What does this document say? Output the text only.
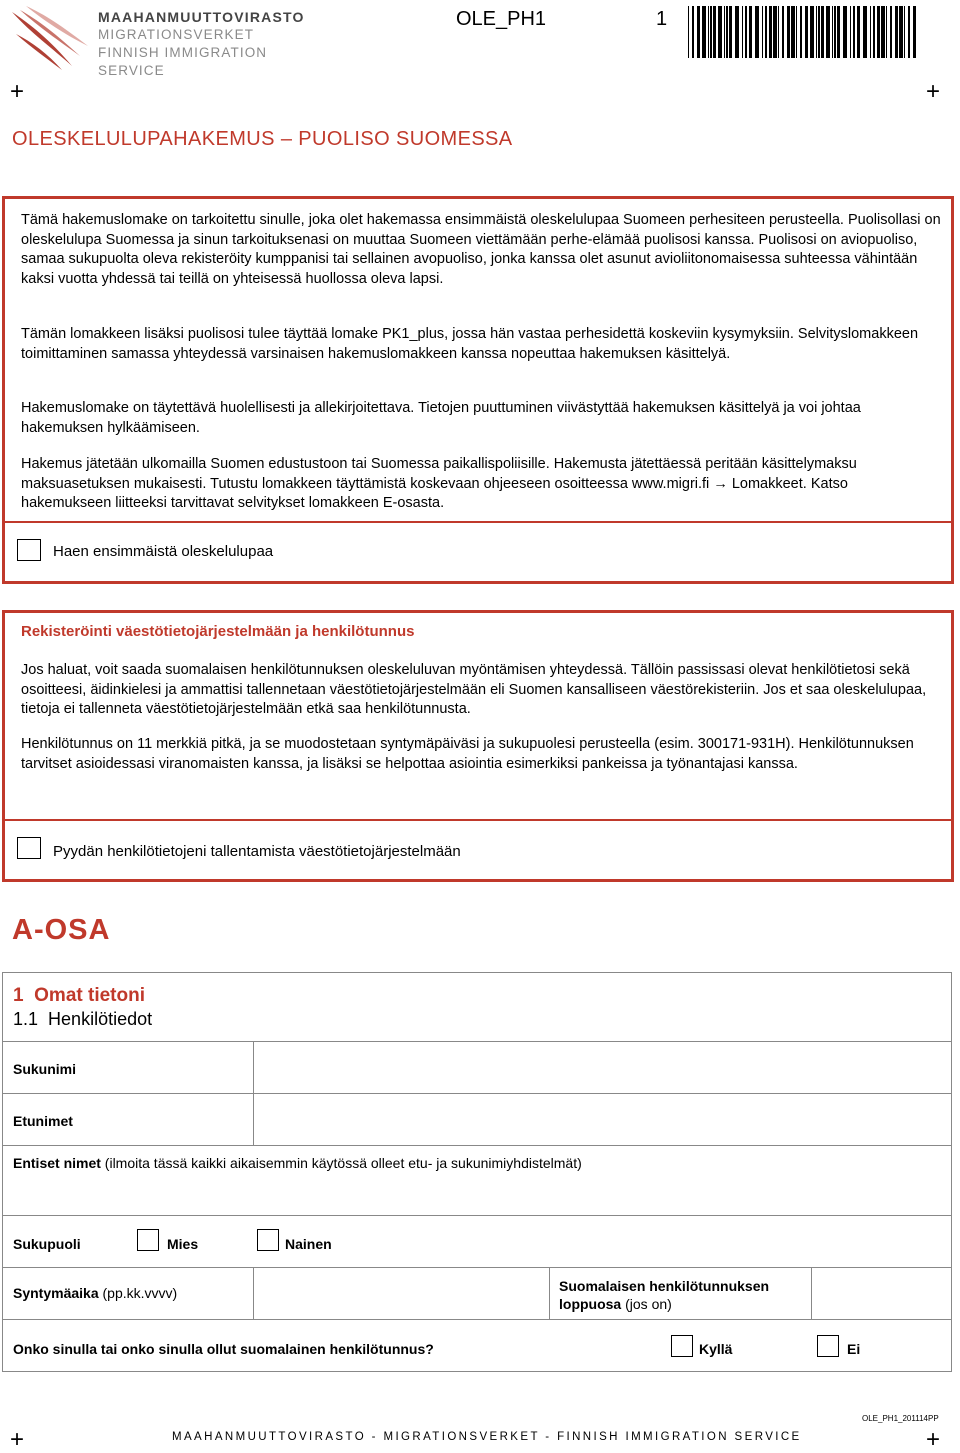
MAAHANMUUTTOVIRASTO
MIGRATIONSVERKET
FINNISH IMMIGRATION SERVICE
OLE_PH1	1
+	+
OLESKELULUPAHAKEMUS – PUOLISO SUOMESSA
Tämä hakemuslomake on tarkoitettu sinulle, joka olet hakemassa ensimmäistä oleskelulupaa Suomeen perhesiteen perusteella. Puolisollasi on oleskelulupa Suomessa ja sinun tarkoituksenasi on muuttaa Suomeen viettämään perhe-elämää puolisosi kanssa. Puolisosi on aviopuoliso, samaa sukupuolta oleva rekisteröity kumppanisi tai sellainen avopuoliso, jonka kanssa olet asunut avioliitonomaisessa suhteessa vähintään kaksi vuotta yhdessä tai teillä on yhteisessä huollossa oleva lapsi.
Tämän lomakkeen lisäksi puolisosi tulee täyttää lomake PK1_plus, jossa hän vastaa perhesidettä koskeviin kysymyksiin. Selvityslomakkeen toimittaminen samassa yhteydessä varsinaisen hakemuslomakkeen kanssa nopeuttaa hakemuksen käsittelyä.
Hakemuslomake on täytettävä huolellisesti ja allekirjoitettava. Tietojen puuttuminen viivästyttää hakemuksen käsittelyä ja voi johtaa hakemuksen hylkäämiseen.
Hakemus jätetään ulkomailla Suomen edustustoon tai Suomessa paikallispoliisille. Hakemusta jätettäessä peritään käsittelymaksu maksuasetuksen mukaisesti. Tutustu lomakkeen täyttämistä koskevaan ohjeeseen osoitteessa www.migri.fi → Lomakkeet. Katso hakemukseen liitteeksi tarvittavat selvitykset lomakkeen E-osasta.
Haen ensimmäistä oleskelulupaa
Rekisteröinti väestötietojärjestelmään ja henkilötunnus
Jos haluat, voit saada suomalaisen henkilötunnuksen oleskeluluvan myöntämisen yhteydessä. Tällöin passissasi olevat henkilötietosi sekä osoitteesi, äidinkielesi ja ammattisi tallennetaan väestötietojärjestelmään eli Suomen kansalliseen väestörekisteriin. Jos et saa oleskelulupaa, tietoja ei tallenneta väestötietojärjestelmään etkä saa henkilötunnusta.
Henkilötunnus on 11 merkkiä pitkä, ja se muodostetaan syntymäpäiväsi ja sukupuolesi perusteella (esim. 300171-931H). Henkilötunnuksen tarvitset asioidessasi viranomaisten kanssa, ja lisäksi se helpottaa asiointia esimerkiksi pankeissa ja työnantajasi kanssa.
Pyydän henkilötietojeni tallentamista väestötietojärjestelmään
A-OSA
1 Omat tietoni
1.1 Henkilötiedot
Sukunimi
Etunimet
Entiset nimet (ilmoita tässä kaikki aikaisemmin käytössä olleet etu- ja sukunimiyhdistelmät)
Sukupuoli	Mies	Nainen
Syntymäaika (pp.kk.vvvv)	Suomalaisen henkilötunnuksen
loppuosa (jos on)
Onko sinulla tai onko sinulla ollut suomalainen henkilötunnus?	Kyllä	Ei
+	+
OLE_PH1_201114PP
MAAHANMUUTTOVIRASTO - MIGRATIONSVERKET - FINNISH IMMIGRATION SERVICE
